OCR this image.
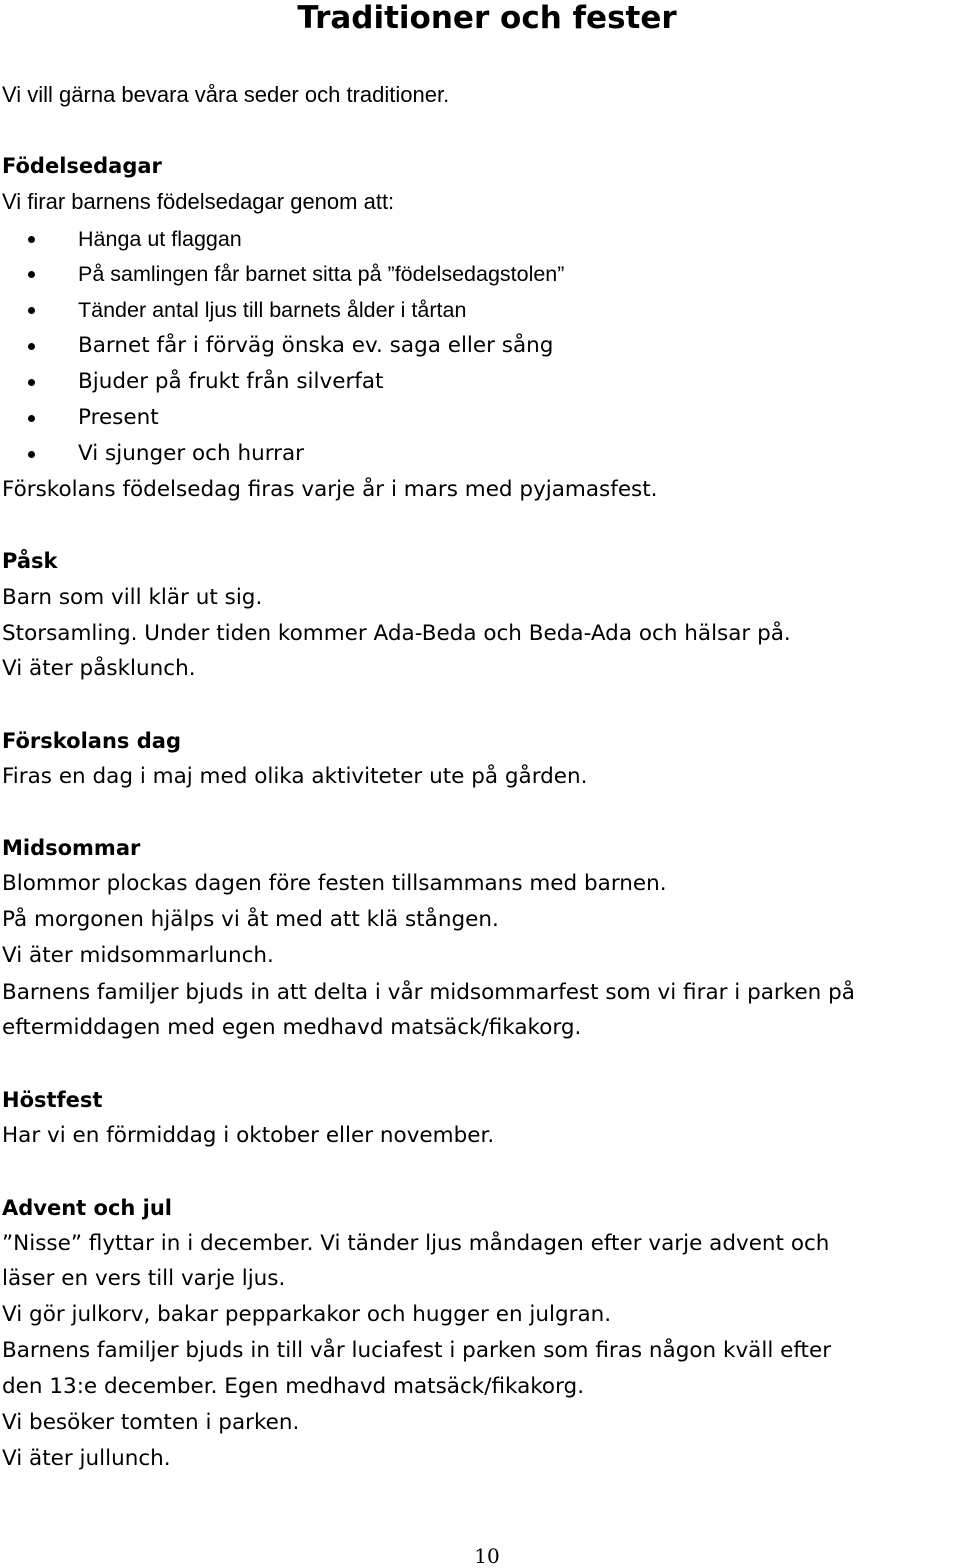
Traditioner och fester

Vi vill gärna bevara våra seder och traditioner.

Födelsedagar

Vi firar barnens födelsedagar genom att:

Hänga ut flaggan
På samlingen får barnet sitta på ”födelsedagstolen”
Tänder antal ljus till barnets ålder i tårtan
Barnet får i förväg önska ev. saga eller sång
Bjuder på frukt från silverfat
Present
Vi sjunger och hurrar

Förskolans födelsedag firas varje år i mars med pyjamasfest.

Påsk

Barn som vill klär ut sig.

Storsamling. Under tiden kommer Ada-Beda och Beda-Ada och hälsar på.

Vi äter påsklunch.

Förskolans dag

Firas en dag i maj med olika aktiviteter ute på gården.

Midsommar

Blommor plockas dagen före festen tillsammans med barnen.

På morgonen hjälps vi åt med att klä stången.

Vi äter midsommarlunch.

Barnens familjer bjuds in att delta i vår midsommarfest som vi firar i parken på

eftermiddagen med egen medhavd matsäck/fikakorg.

Höstfest

Har vi en förmiddag i oktober eller november.

Advent och jul

”Nisse” flyttar in i december. Vi tänder ljus måndagen efter varje advent och

läser en vers till varje ljus.

Vi gör julkorv, bakar pepparkakor och hugger en julgran.

Barnens familjer bjuds in till vår luciafest i parken som firas någon kväll efter

den 13:e december. Egen medhavd matsäck/fikakorg.

Vi besöker tomten i parken.

Vi äter jullunch.

10
